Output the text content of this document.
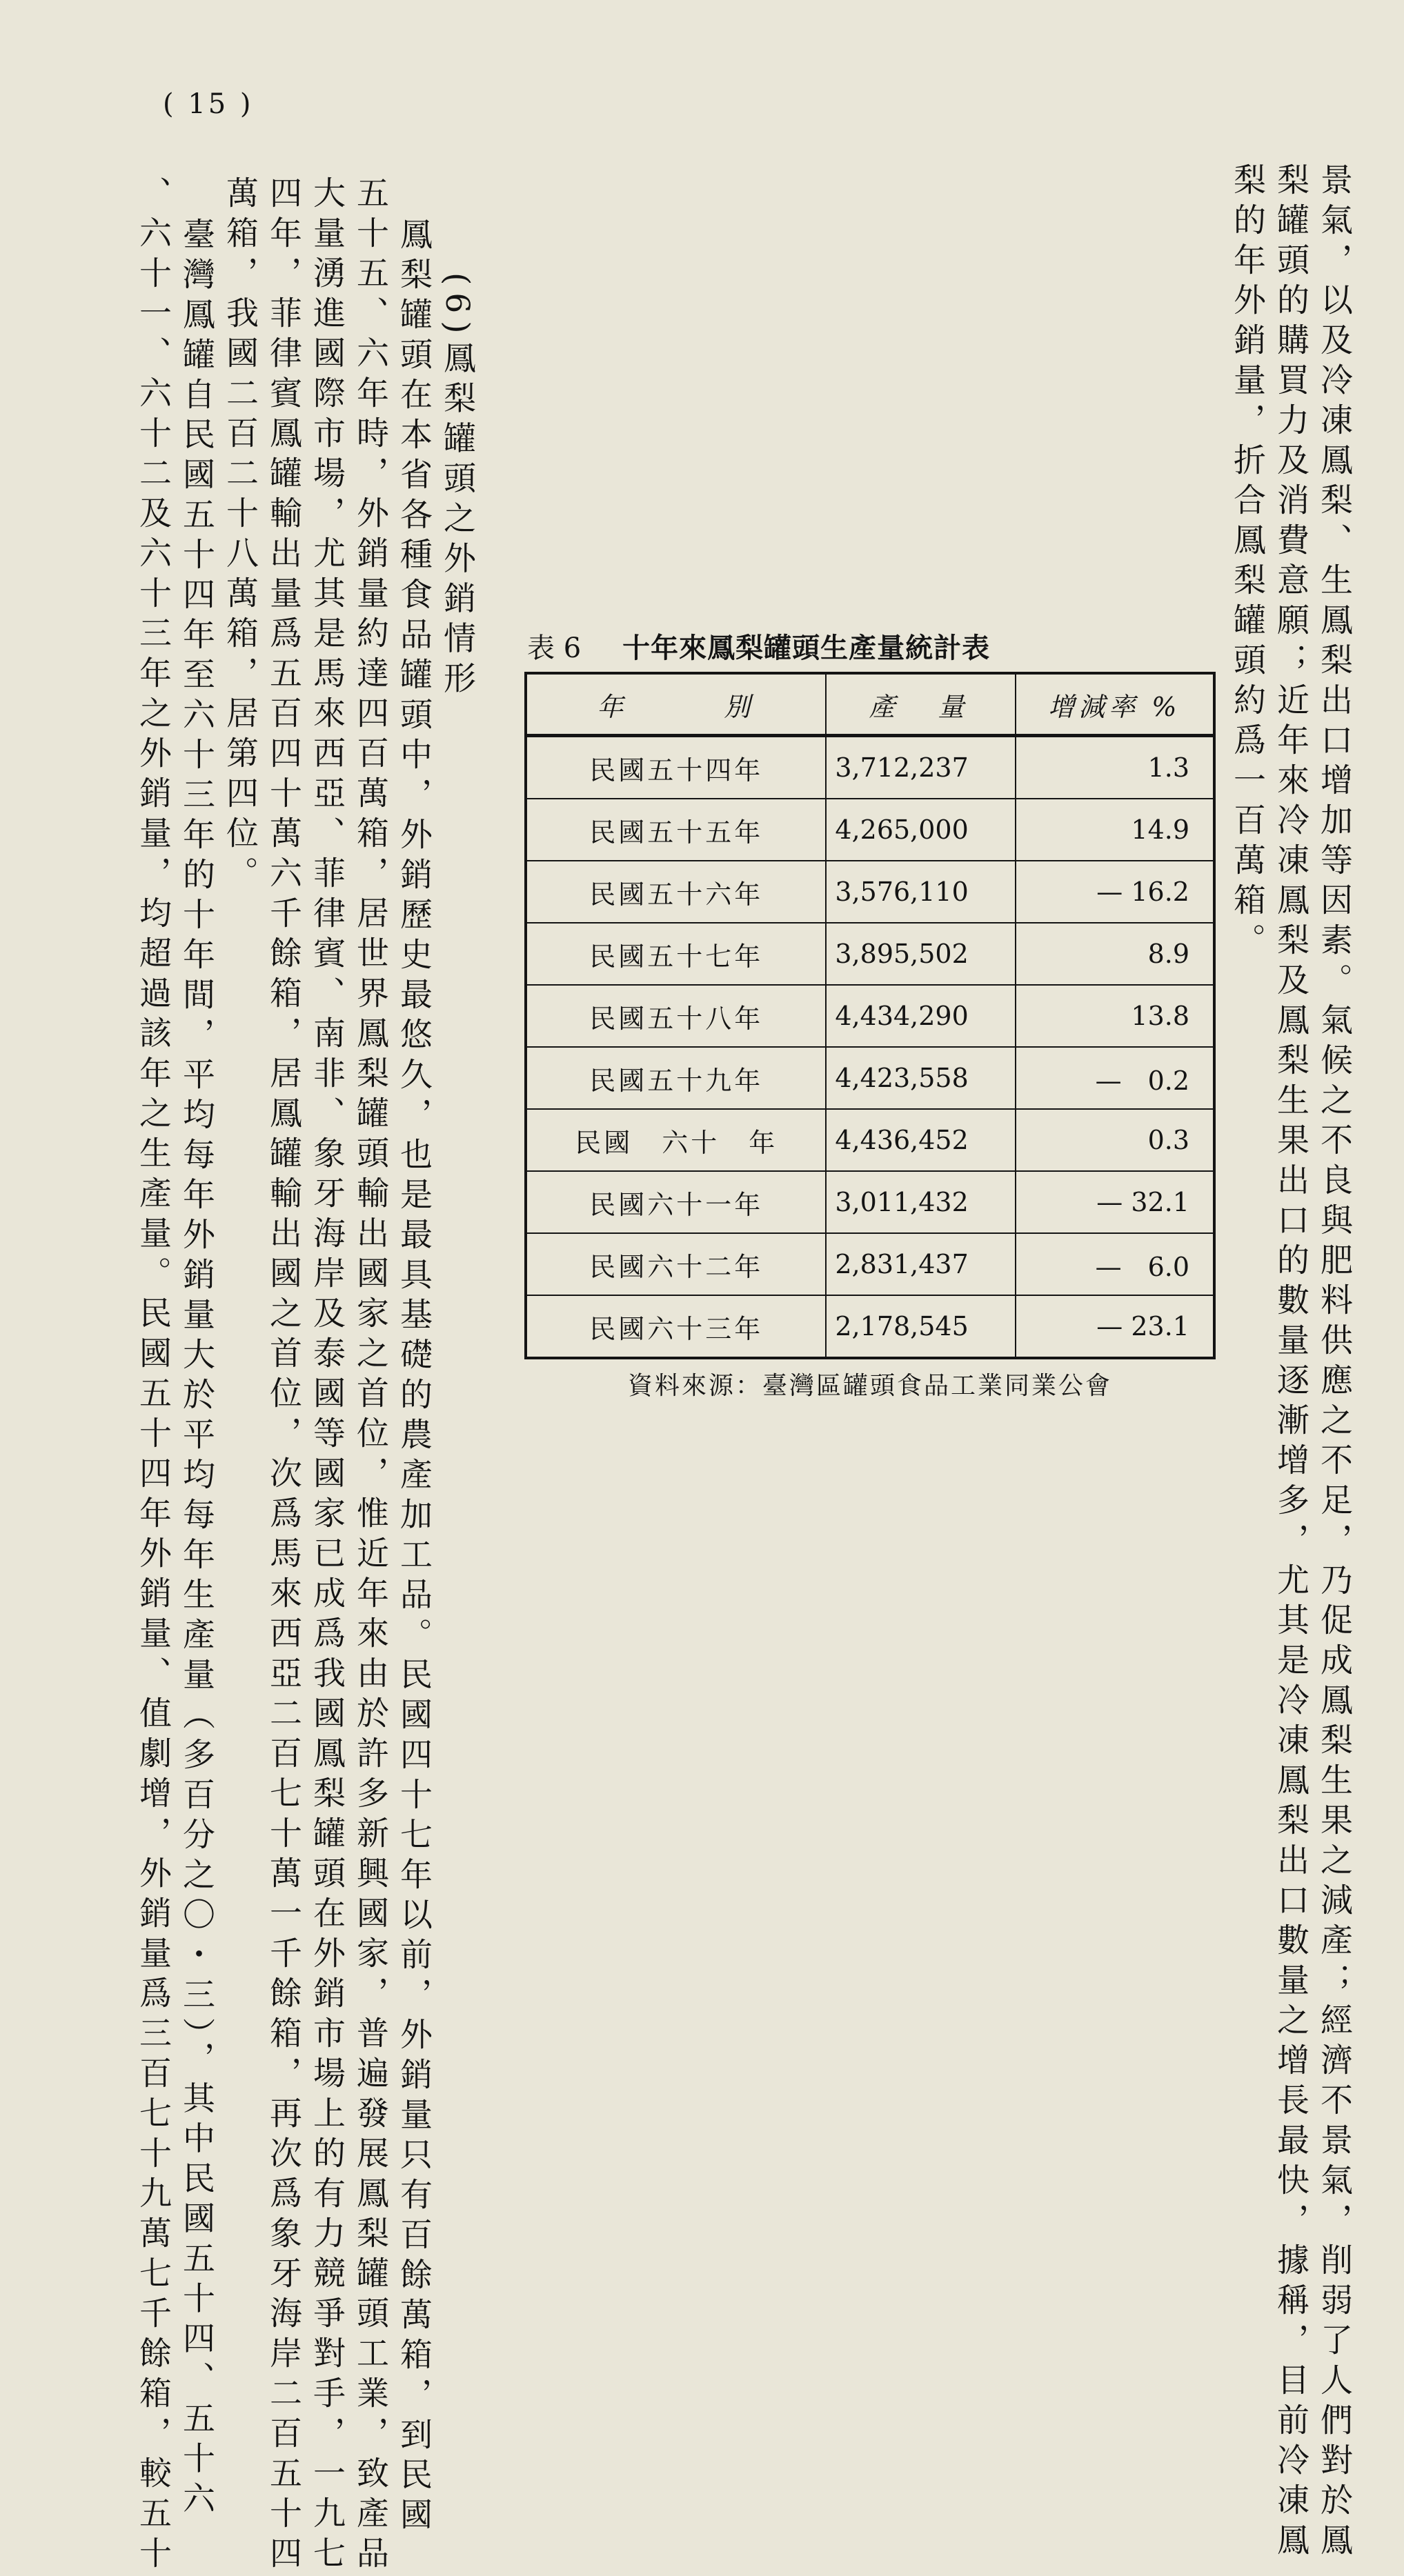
( 15 )
景氣，以及冷凍鳳梨、生鳳梨出口增加等因素。氣候之不良與肥料供應之不足，乃促成鳳梨生果之減產；經濟不景氣，削弱了人們對於鳳
梨罐頭的購買力及消費意願；近年來冷凍鳳梨及鳳梨生果出口的數量逐漸增多，尤其是冷凍鳳梨出口數量之增長最快，據稱，目前冷凍鳳
梨的年外銷量，折合鳳梨罐頭約爲一百萬箱。
(6)鳳梨罐頭之外銷情形
鳳梨罐頭在本省各種食品罐頭中，外銷歷史最悠久，也是最具基礎的農產加工品。民國四十七年以前，外銷量只有百餘萬箱，到民國
五十五、六年時，外銷量約達四百萬箱，居世界鳳梨罐頭輸出國家之首位，惟近年來由於許多新興國家，普遍發展鳳梨罐頭工業，致產品
大量湧進國際市場，尤其是馬來西亞、菲律賓、南非、象牙海岸及泰國等國家已成爲我國鳳梨罐頭在外銷市場上的有力競爭對手，一九七
四年，菲律賓鳳罐輸出量爲五百四十萬六千餘箱，居鳳罐輸出國之首位，次爲馬來西亞二百七十萬一千餘箱，再次爲象牙海岸二百五十四
萬箱，我國二百二十八萬箱，居第四位。
臺灣鳳罐自民國五十四年至六十三年的十年間，平均每年外銷量大於平均每年生產量（多百分之〇・三），其中民國五十四、五十六
、六十一、六十二及六十三年之外銷量，均超過該年之生產量。民國五十四年外銷量、值劇增，外銷量爲三百七十九萬七千餘箱，較五十	表 6 十年來鳳梨罐頭生產量統計表
年　　　別	產　量	增減率 %
民國五十四年	3,712,237	1.3
民國五十五年	4,265,000	14.9
民國五十六年	3,576,110	— 16.2
民國五十七年	3,895,502	8.9
民國五十八年	4,434,290	13.8
民國五十九年	4,423,558	—　0.2
民國　六十　年	4,436,452	0.3
民國六十一年	3,011,432	— 32.1
民國六十二年	2,831,437	—　6.0
民國六十三年	2,178,545	— 23.1
資料來源：臺灣區罐頭食品工業同業公會
